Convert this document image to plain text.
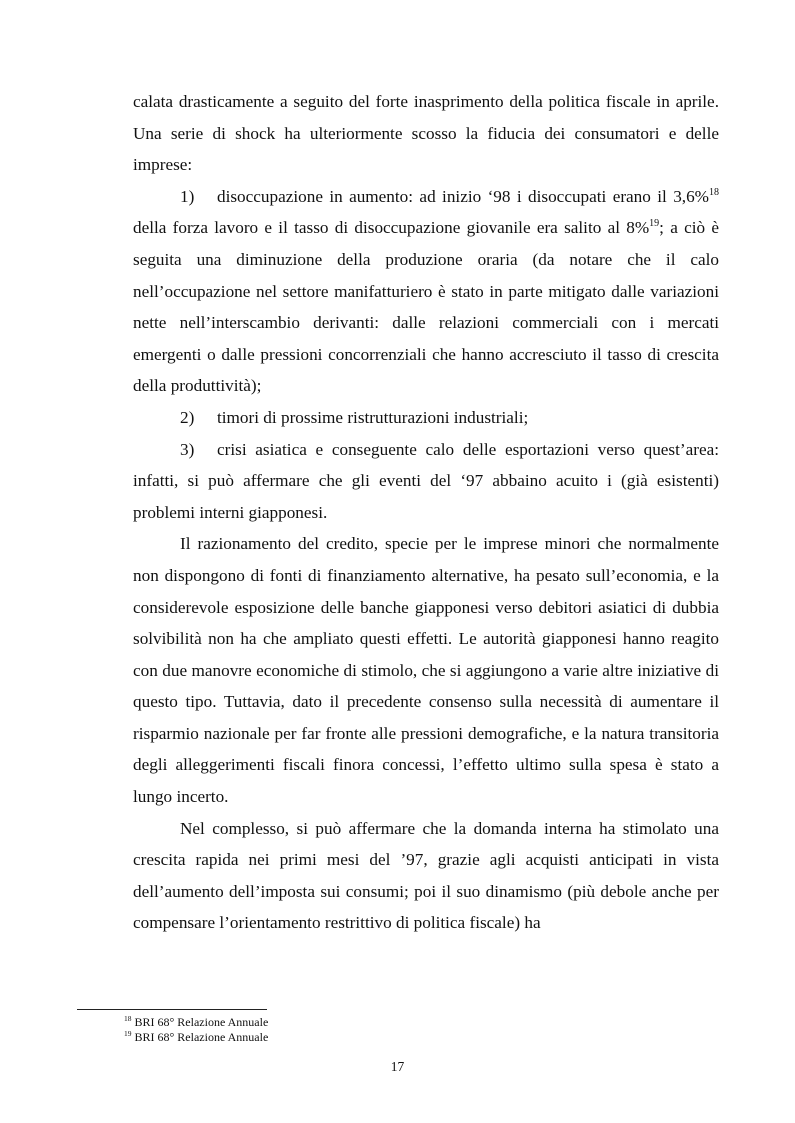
calata drasticamente a seguito del forte inasprimento della politica fiscale in aprile. Una serie di shock ha ulteriormente scosso la fiducia dei consumatori e delle imprese:

1) disoccupazione in aumento: ad inizio ‘98 i disoccupati erano il 3,6%$^{18}$ della forza lavoro e il tasso di disoccupazione giovanile era salito al 8%$^{19}$; a ciò è seguita una diminuzione della produzione oraria (da notare che il calo nell’occupazione nel settore manifatturiero è stato in parte mitigato dalle variazioni nette nell’interscambio derivanti: dalle relazioni commerciali con i mercati emergenti o dalle pressioni concorrenziali che hanno accresciuto il tasso di crescita della produttività);

2) timori di prossime ristrutturazioni industriali;

3) crisi asiatica e conseguente calo delle esportazioni verso quest’area: infatti, si può affermare che gli eventi del ‘97 abbaino acuito i (già esistenti) problemi interni giapponesi.

Il razionamento del credito, specie per le imprese minori che normalmente non dispongono di fonti di finanziamento alternative, ha pesato sull’economia, e la considerevole esposizione delle banche giapponesi verso debitori asiatici di dubbia solvibilità non ha che ampliato questi effetti. Le autorità giapponesi hanno reagito con due manovre economiche di stimolo, che si aggiungono a varie altre iniziative di questo tipo. Tuttavia, dato il precedente consenso sulla necessità di aumentare il risparmio nazionale per far fronte alle pressioni demografiche, e la natura transitoria degli alleggerimenti fiscali finora concessi, l’effetto ultimo sulla spesa è stato a lungo incerto.

Nel complesso, si può affermare che la domanda interna ha stimolato una crescita rapida nei primi mesi del ’97, grazie agli acquisti anticipati in vista dell’aumento dell’imposta sui consumi; poi il suo dinamismo (più debole anche per compensare l’orientamento restrittivo di politica fiscale) ha

$^{18}$ BRI 68° Relazione Annuale
$^{19}$ BRI 68° Relazione Annuale
17
